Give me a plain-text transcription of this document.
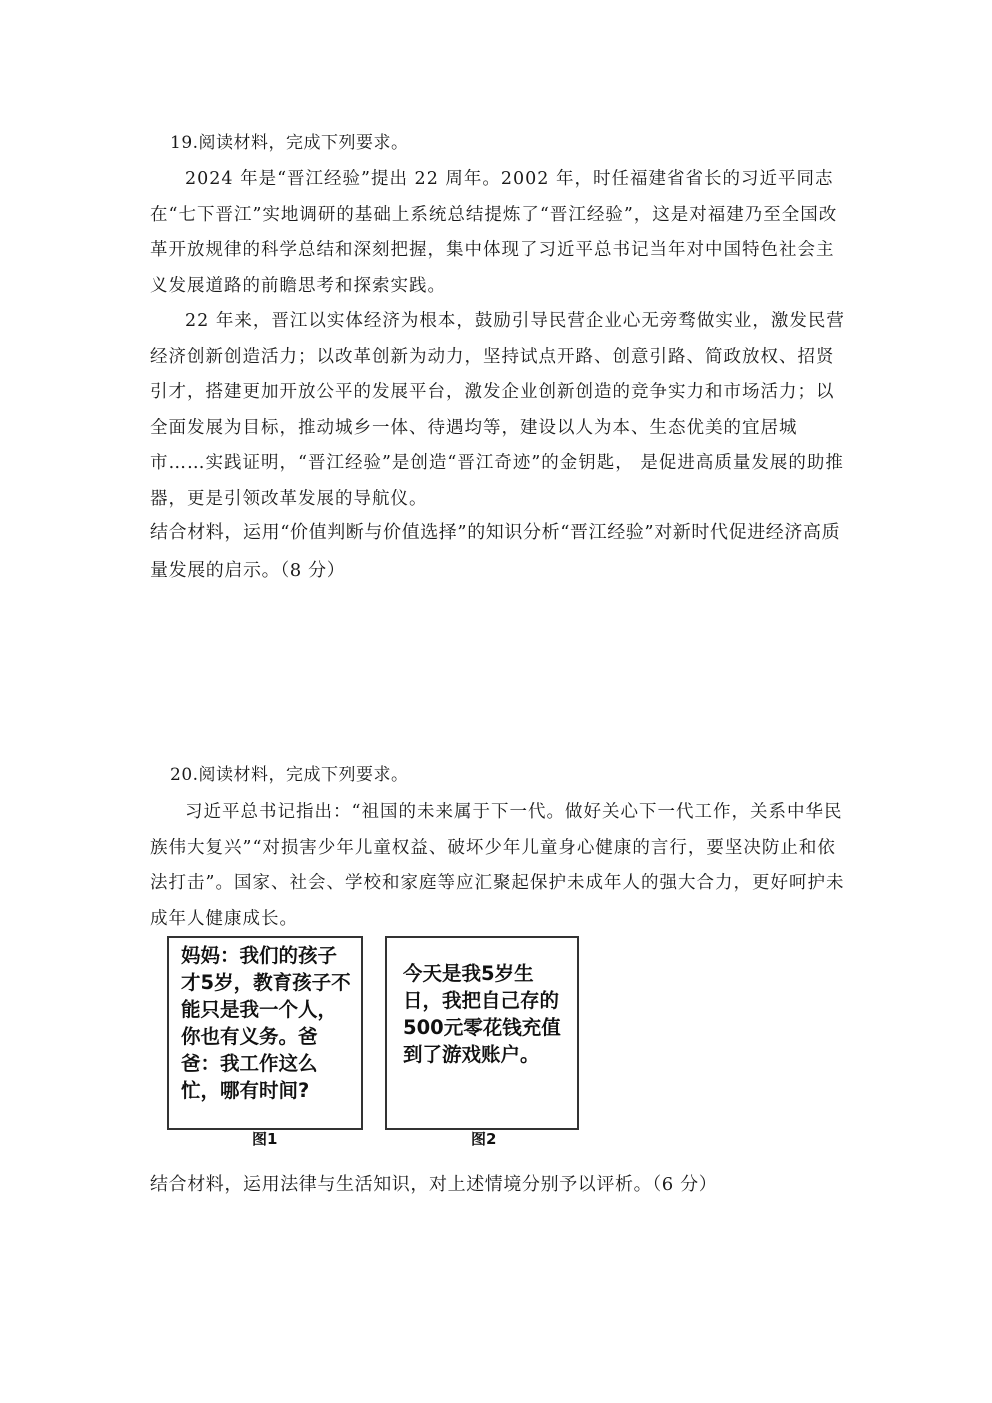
19.阅读材料，完成下列要求。

2024 年是“晋江经验”提出 22 周年。2002 年，时任福建省省长的习近平同志在“七下晋江”实地调研的基础上系统总结提炼了“晋江经验”，这是对福建乃至全国改革开放规律的科学总结和深刻把握，集中体现了习近平总书记当年对中国特色社会主义发展道路的前瞻思考和探索实践。

22 年来，晋江以实体经济为根本，鼓励引导民营企业心无旁骛做实业，激发民营经济创新创造活力；以改革创新为动力，坚持试点开路、创意引路、简政放权、招贤引才，搭建更加开放公平的发展平台，激发企业创新创造的竞争实力和市场活力；以全面发展为目标，推动城乡一体、待遇均等，建设以人为本、生态优美的宜居城市……实践证明，“晋江经验”是创造“晋江奇迹”的金钥匙， 是促进高质量发展的助推器，更是引领改革发展的导航仪。

结合材料，运用“价值判断与价值选择”的知识分析“晋江经验”对新时代促进经济高质量发展的启示。（8 分）

20.阅读材料，完成下列要求。

习近平总书记指出：“祖国的未来属于下一代。做好关心下一代工作，关系中华民族伟大复兴”“对损害少年儿童权益、破坏少年儿童身心健康的言行，要坚决防止和依法打击”。国家、社会、学校和家庭等应汇聚起保护未成年人的强大合力，更好呵护未成年人健康成长。

妈妈：我们的孩子才5岁，教育孩子不能只是我一个人，你也有义务。爸爸：我工作这么忙，哪有时间?

图1

今天是我5岁生日，我把自己存的500元零花钱充值到了游戏账户。

图2

结合材料，运用法律与生活知识，对上述情境分别予以评析。（6 分）
